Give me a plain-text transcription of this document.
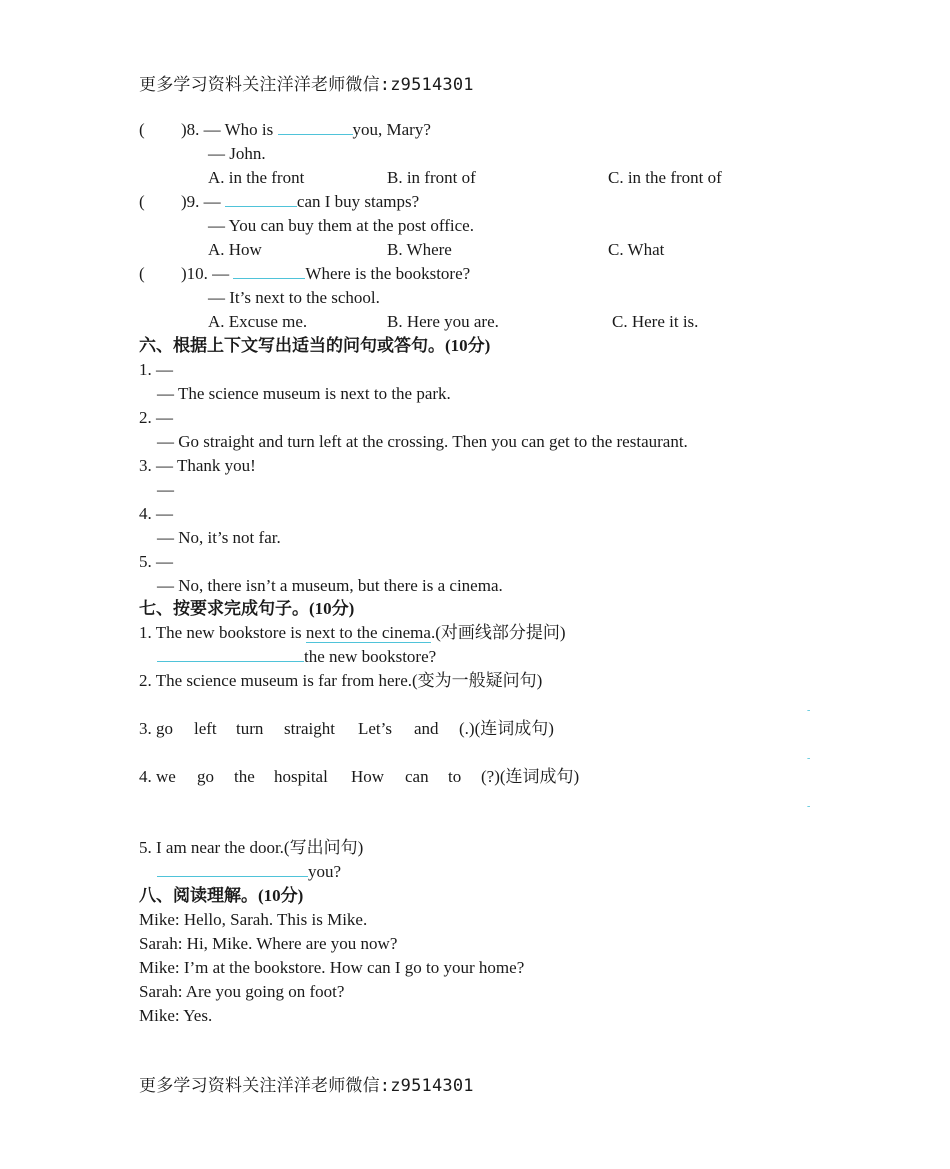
更多学习资料关注洋洋老师微信:z9514301
( )8. — Who is	you, Mary?
— John.
A. in the front	B. in front of	C. in the front of
( )9. —	can I buy stamps?
— You can buy them at the post office.
A. How	B. Where	C. What
( )10. —	Where is the bookstore?
— It’s next to the school.
A. Excuse me.	B. Here you are.	C. Here it is.
六、根据上下文写出适当的问句或答句。(10分)
1. —
— The science museum is next to the park.
2. —
— Go straight and turn left at the crossing. Then you can get to the restaurant.
3. — Thank you!
—
4. —
— No, it’s not far.
5. —
— No, there isn’t a museum, but there is a cinema.
七、按要求完成句子。(10分)
1. The new bookstore is next to the cinema.(对画线部分提问)
the new bookstore?
2. The science museum is far from here.(变为一般疑问句)
-
3. go left turn straight Let’s and (.)(连词成句)
-
4. we go the hospital How can to (?)(连词成句)
-
5. I am near the door.(写出问句)
you?
八、阅读理解。(10分)
Mike: Hello, Sarah. This is Mike.
Sarah: Hi, Mike. Where are you now?
Mike: I’m at the bookstore. How can I go to your home?
Sarah: Are you going on foot?
Mike: Yes.
更多学习资料关注洋洋老师微信:z9514301
